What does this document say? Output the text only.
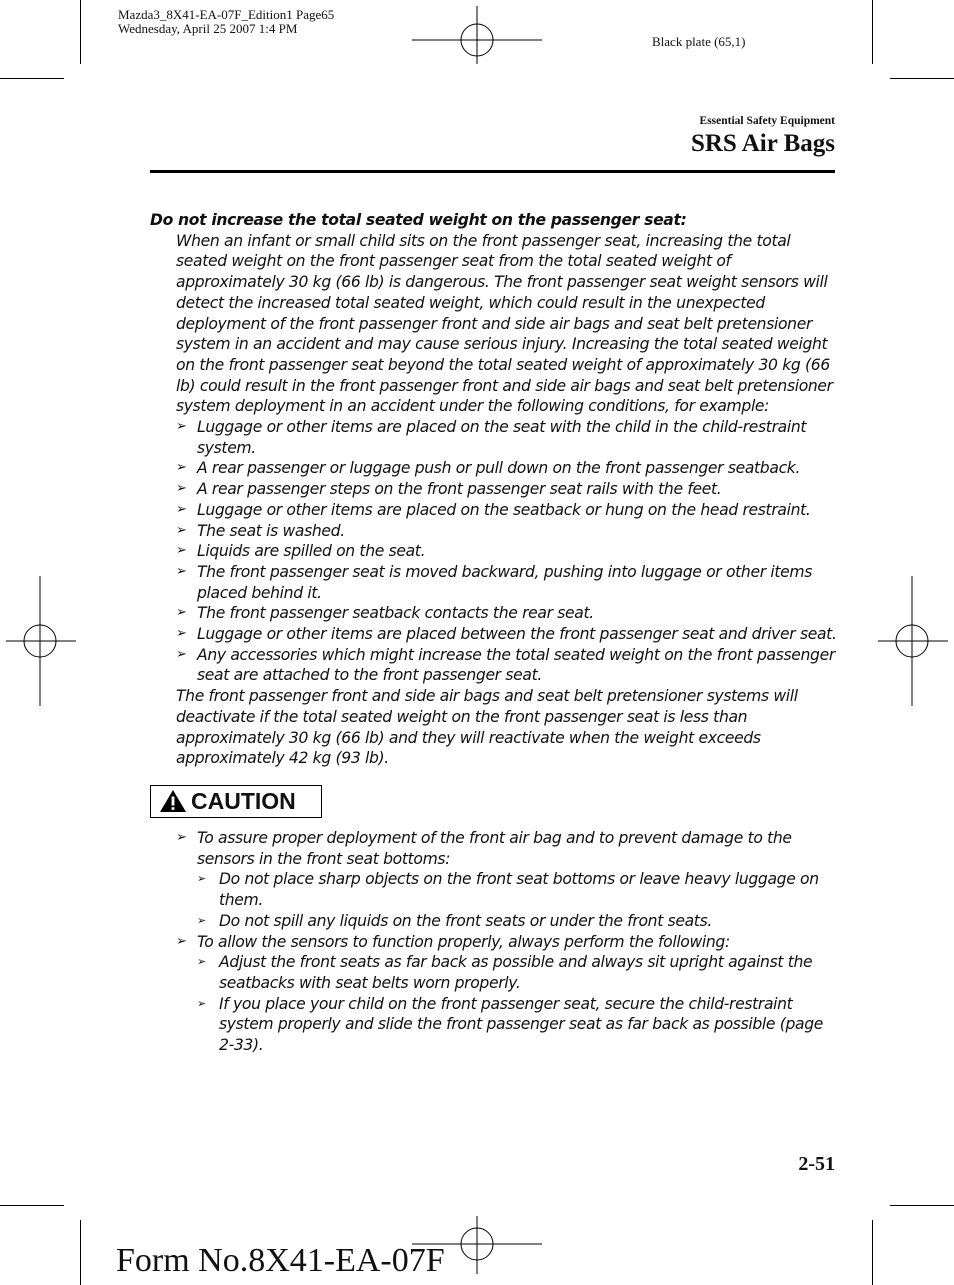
Mazda3_8X41-EA-07F_Edition1 Page65
Wednesday, April 25 2007 1:4 PM
Black plate (65,1)
Essential Safety Equipment
SRS Air Bags
Do not increase the total seated weight on the passenger seat:
When an infant or small child sits on the front passenger seat, increasing the total seated weight on the front passenger seat from the total seated weight of approximately 30 kg (66 lb) is dangerous. The front passenger seat weight sensors will detect the increased total seated weight, which could result in the unexpected deployment of the front passenger front and side air bags and seat belt pretensioner system in an accident and may cause serious injury. Increasing the total seated weight on the front passenger seat beyond the total seated weight of approximately 30 kg (66 lb) could result in the front passenger front and side air bags and seat belt pretensioner system deployment in an accident under the following conditions, for example:
➢ Luggage or other items are placed on the seat with the child in the child-restraint system.
➢ A rear passenger or luggage push or pull down on the front passenger seatback.
➢ A rear passenger steps on the front passenger seat rails with the feet.
➢ Luggage or other items are placed on the seatback or hung on the head restraint.
➢ The seat is washed.
➢ Liquids are spilled on the seat.
➢ The front passenger seat is moved backward, pushing into luggage or other items placed behind it.
➢ The front passenger seatback contacts the rear seat.
➢ Luggage or other items are placed between the front passenger seat and driver seat.
➢ Any accessories which might increase the total seated weight on the front passenger seat are attached to the front passenger seat.
The front passenger front and side air bags and seat belt pretensioner systems will deactivate if the total seated weight on the front passenger seat is less than approximately 30 kg (66 lb) and they will reactivate when the weight exceeds approximately 42 kg (93 lb).
CAUTION
➢ To assure proper deployment of the front air bag and to prevent damage to the sensors in the front seat bottoms:
➢ Do not place sharp objects on the front seat bottoms or leave heavy luggage on them.
➢ Do not spill any liquids on the front seats or under the front seats.
➢ To allow the sensors to function properly, always perform the following:
➢ Adjust the front seats as far back as possible and always sit upright against the seatbacks with seat belts worn properly.
➢ If you place your child on the front passenger seat, secure the child-restraint system properly and slide the front passenger seat as far back as possible (page 2-33).
2-51
Form No.8X41-EA-07F
